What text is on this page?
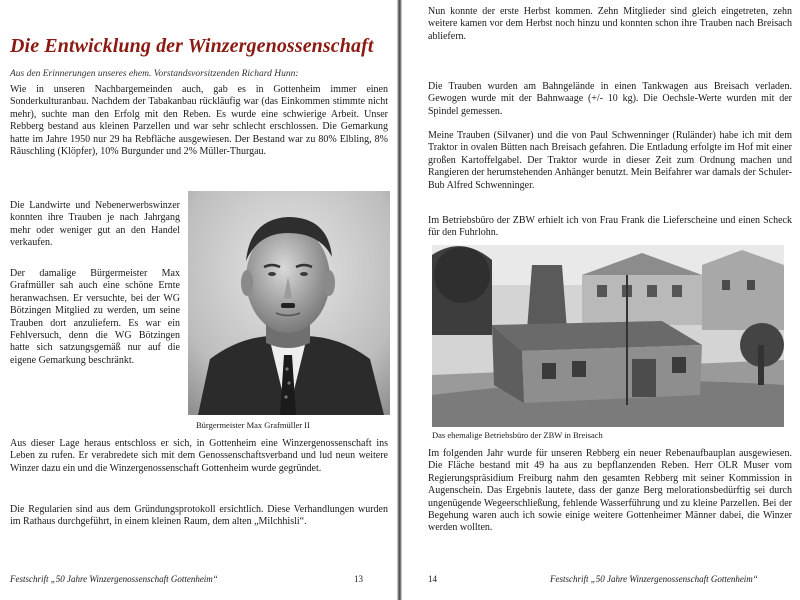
Die Entwicklung der Winzergenossenschaft

Aus den Erinnerungen unseres ehem. Vorstandsvorsitzenden Richard Hunn:

Wie in unseren Nachbargemeinden auch, gab es in Gottenheim immer einen Sonderkulturanbau. Nachdem der Tabakanbau rückläufig war (das Einkommen stimmte nicht mehr), suchte man den Erfolg mit den Reben. Es wurde eine schwierige Arbeit. Unser Rebberg bestand aus kleinen Parzellen und war sehr schlecht erschlossen. Die Gemarkung hatte im Jahre 1950 nur 29 ha Rebfläche ausgewiesen. Der Bestand war zu 80% Elbling, 8% Räuschling (Klöpfer), 10% Burgunder und 2% Müller-Thurgau.

Die Landwirte und Nebenerwerbswinzer konnten ihre Trauben je nach Jahrgang mehr oder weniger gut an den Handel verkaufen.

Der damalige Bürgermeister Max Grafmüller sah auch eine schöne Ernte heranwachsen. Er versuchte, bei der WG Bötzingen Mitglied zu werden, um seine Trauben dort anzuliefern. Es war ein Fehlversuch, denn die WG Bötzingen hatte sich satzungsgemäß nur auf die eigene Gemarkung beschränkt.

Bürgermeister Max Grafmüller II

Aus dieser Lage heraus entschloss er sich, in Gottenheim eine Winzergenossenschaft ins Leben zu rufen. Er verabredete sich mit dem Genossenschaftsverband und lud neun weitere Winzer dazu ein und die Winzergenossenschaft Gottenheim wurde gegründet.

Die Regularien sind aus dem Gründungsprotokoll ersichtlich. Diese Verhandlungen wurden im Rathaus durchgeführt, in einem kleinen Raum, dem alten „Milchhisli“.

Festschrift „50 Jahre Winzergenossenschaft Gottenheim“	13

Nun konnte der erste Herbst kommen. Zehn Mitglieder sind gleich eingetreten, zehn weitere kamen vor dem Herbst noch hinzu und konnten schon ihre Trauben nach Breisach abliefern.

Die Trauben wurden am Bahngelände in einen Tankwagen aus Breisach verladen. Gewogen wurde mit der Bahnwaage (+/- 10 kg). Die Oechsle-Werte wurden mit der Spindel gemessen.

Meine Trauben (Silvaner) und die von Paul Schwenninger (Ruländer) habe ich mit dem Traktor in ovalen Bütten nach Breisach gefahren. Die Entladung erfolgte im Hof mit einer großen Kartoffelgabel. Der Traktor wurde in dieser Zeit zum Ordnung machen und Rangieren der herumstehenden Anhänger benutzt. Mein Beifahrer war damals der Schuler-Bub Alfred Schwenninger.

Im Betriebsbüro der ZBW erhielt ich von Frau Frank die Lieferscheine und einen Scheck für den Fuhrlohn.

Das ehemalige Betriebsbüro der ZBW in Breisach

Im folgenden Jahr wurde für unseren Rebberg ein neuer Rebenaufbauplan ausgewiesen. Die Fläche bestand mit 49 ha aus zu bepflanzenden Reben. Herr OLR Muser vom Regierungspräsidium Freiburg nahm den gesamten Rebberg mit seiner Kommission in Augenschein. Das Ergebnis lautete, dass der ganze Berg melorationsbedürftig sei durch ungenügende Wegeerschließung, fehlende Wasserführung und zu kleine Parzellen. Bei der Begehung waren auch ich sowie einige weitere Gottenheimer Männer dabei, die Winzer werden wollten.

14	Festschrift „50 Jahre Winzergenossenschaft Gottenheim“
